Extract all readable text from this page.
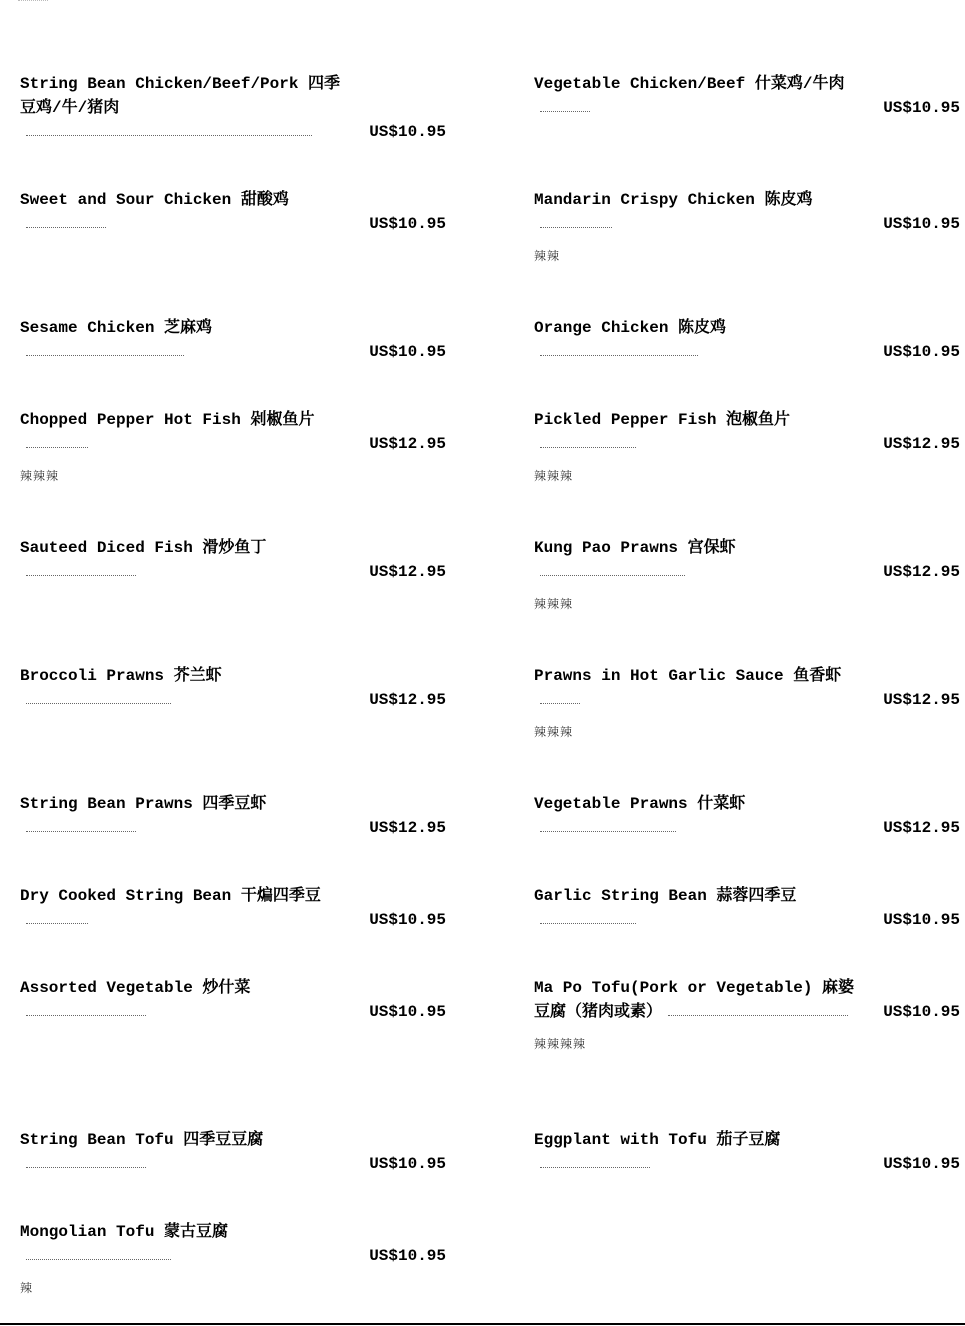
String Bean Chicken/Beef/Pork 四季豆鸡/牛/猪肉
US$10.95
Sweet and Sour Chicken 甜酸鸡
US$10.95
Sesame Chicken 芝麻鸡
US$10.95
Chopped Pepper Hot Fish 剁椒鱼片
US$12.95
辣辣辣
Sauteed Diced Fish 滑炒鱼丁
US$12.95
Broccoli Prawns 芥兰虾
US$12.95
String Bean Prawns 四季豆虾
US$12.95
Dry Cooked String Bean 干煸四季豆
US$10.95
Assorted Vegetable 炒什菜
US$10.95
String Bean Tofu 四季豆豆腐
US$10.95
Mongolian Tofu 蒙古豆腐
US$10.95
辣
Vegetable Chicken/Beef 什菜鸡/牛肉
US$10.95
Mandarin Crispy Chicken 陈皮鸡
US$10.95
辣辣
Orange Chicken 陈皮鸡
US$10.95
Pickled Pepper Fish 泡椒鱼片
US$12.95
辣辣辣
Kung Pao Prawns 宫保虾
US$12.95
辣辣辣
Prawns in Hot Garlic Sauce 鱼香虾
US$12.95
辣辣辣
Vegetable Prawns 什菜虾
US$12.95
Garlic String Bean 蒜蓉四季豆
US$10.95
Ma Po Tofu(Pork or Vegetable) 麻婆豆腐（猪肉或素）	US$10.95
辣辣辣辣
Eggplant with Tofu 茄子豆腐
US$10.95
